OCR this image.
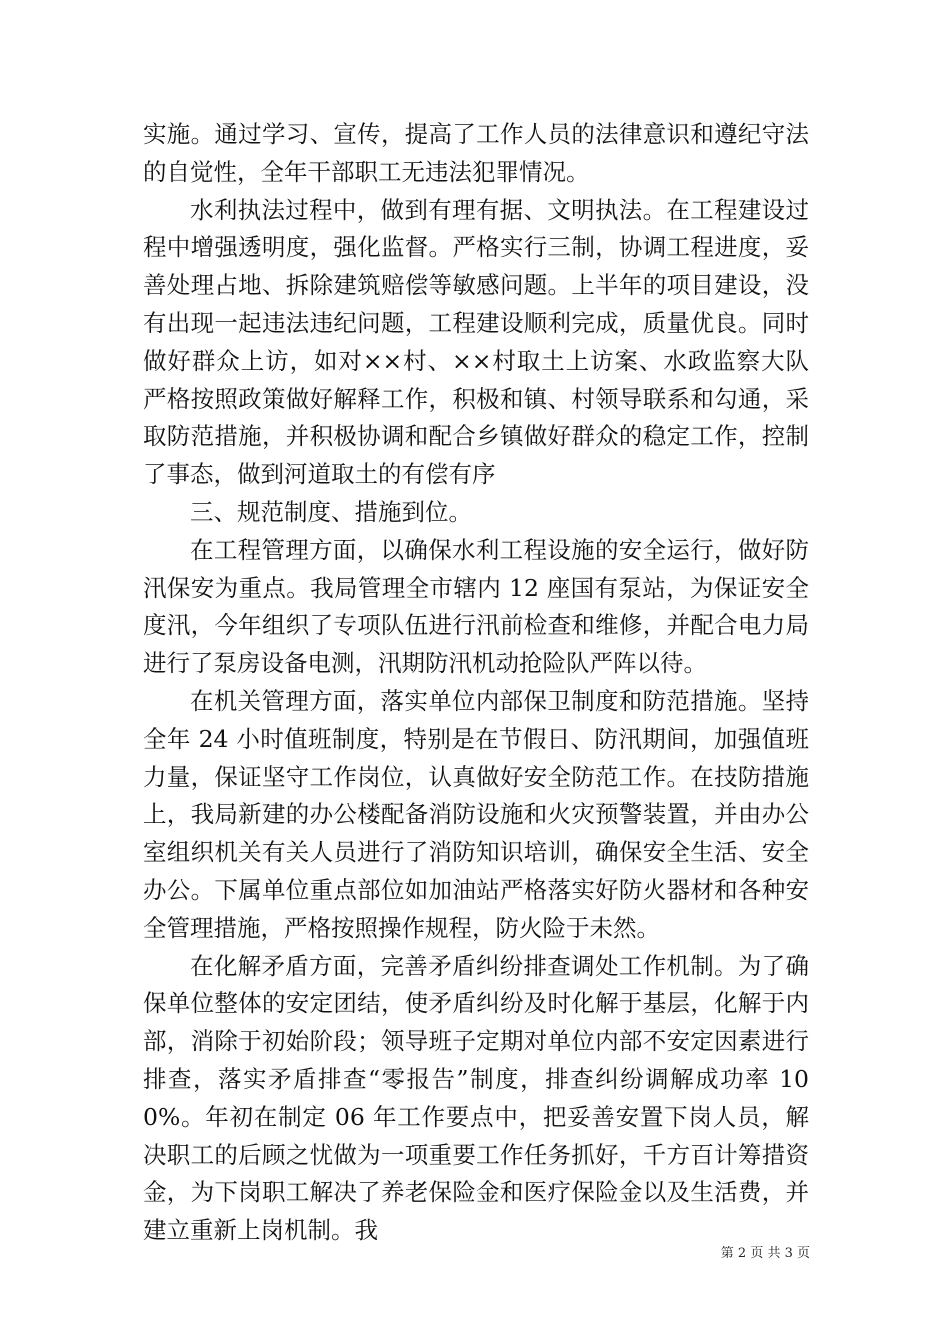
实施。通过学习、宣传，提高了工作人员的法律意识和遵纪守法的自觉性，全年干部职工无违法犯罪情况。

水利执法过程中，做到有理有据、文明执法。在工程建设过程中增强透明度，强化监督。严格实行三制，协调工程进度，妥善处理占地、拆除建筑赔偿等敏感问题。上半年的项目建设，没有出现一起违法违纪问题，工程建设顺利完成，质量优良。同时做好群众上访，如对××村、××村取土上访案、水政监察大队严格按照政策做好解释工作，积极和镇、村领导联系和勾通，采取防范措施，并积极协调和配合乡镇做好群众的稳定工作，控制了事态，做到河道取土的有偿有序

三、规范制度、措施到位。

在工程管理方面，以确保水利工程设施的安全运行，做好防汛保安为重点。我局管理全市辖内 12 座国有泵站，为保证安全度汛，今年组织了专项队伍进行汛前检查和维修，并配合电力局进行了泵房设备电测，汛期防汛机动抢险队严阵以待。

在机关管理方面，落实单位内部保卫制度和防范措施。坚持全年 24 小时值班制度，特别是在节假日、防汛期间，加强值班力量，保证坚守工作岗位，认真做好安全防范工作。在技防措施上，我局新建的办公楼配备消防设施和火灾预警装置，并由办公室组织机关有关人员进行了消防知识培训，确保安全生活、安全办公。下属单位重点部位如加油站严格落实好防火器材和各种安全管理措施，严格按照操作规程，防火险于未然。

在化解矛盾方面，完善矛盾纠纷排查调处工作机制。为了确保单位整体的安定团结，使矛盾纠纷及时化解于基层，化解于内部，消除于初始阶段；领导班子定期对单位内部不安定因素进行排查，落实矛盾排查“零报告”制度，排查纠纷调解成功率 100%。年初在制定 06 年工作要点中，把妥善安置下岗人员，解决职工的后顾之忧做为一项重要工作任务抓好，千方百计筹措资金，为下岗职工解决了养老保险金和医疗保险金以及生活费，并建立重新上岗机制。我

第 2 页 共 3 页
